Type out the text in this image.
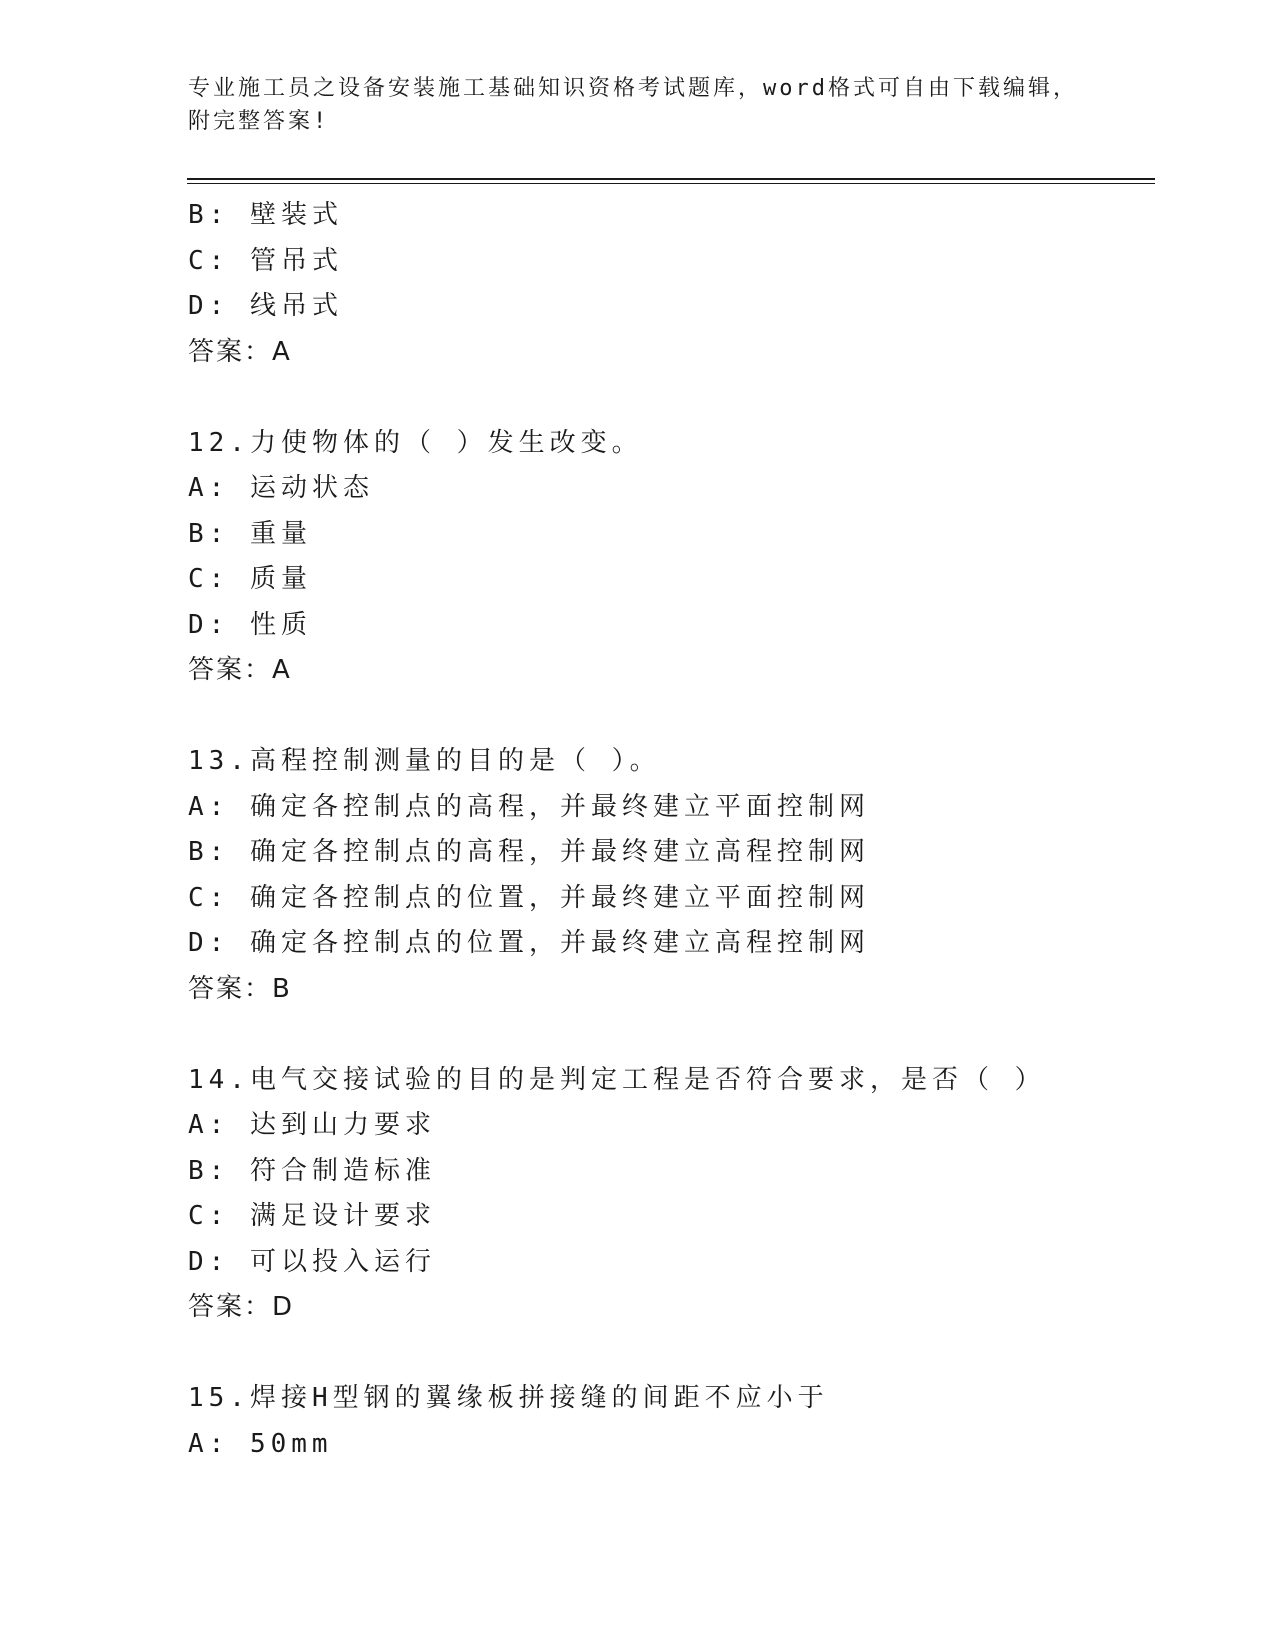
专业施工员之设备安装施工基础知识资格考试题库，word格式可自由下载编辑，
附完整答案!
B: 壁装式
C: 管吊式
D: 线吊式
答案：A
12.力使物体的（ ）发生改变。
A: 运动状态
B: 重量
C: 质量
D: 性质
答案：A
13.高程控制测量的目的是（ ）。
A: 确定各控制点的高程，并最终建立平面控制网
B: 确定各控制点的高程，并最终建立高程控制网
C: 确定各控制点的位置，并最终建立平面控制网
D: 确定各控制点的位置，并最终建立高程控制网
答案：B
14.电气交接试验的目的是判定工程是否符合要求，是否（ ）
A: 达到山力要求
B: 符合制造标准
C: 满足设计要求
D: 可以投入运行
答案：D
15.焊接H型钢的翼缘板拼接缝的间距不应小于
A: 50mm
